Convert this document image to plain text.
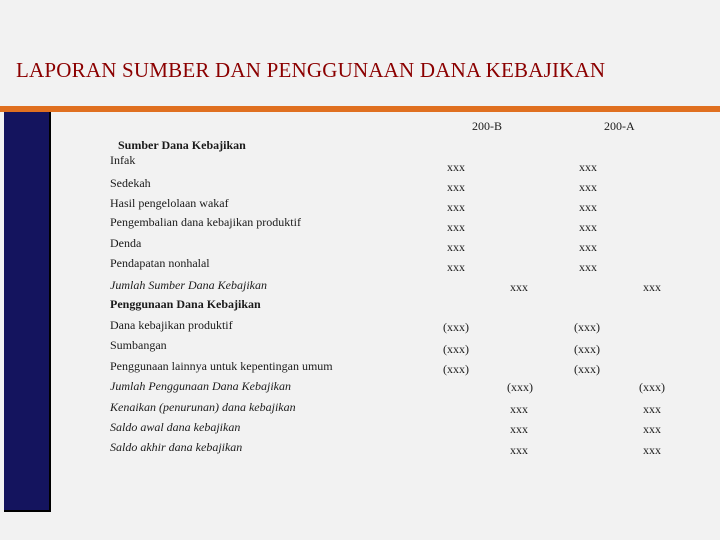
LAPORAN SUMBER DAN PENGGUNAAN DANA KEBAJIKAN
200-B	200-A
Sumber Dana Kebajikan
Infak	xxx	xxx
Sedekah	xxx	xxx
Hasil pengelolaan wakaf	xxx	xxx
Pengembalian dana kebajikan produktif	xxx	xxx
Denda	xxx	xxx
Pendapatan nonhalal	xxx	xxx
Jumlah Sumber Dana Kebajikan	xxx	xxx
Penggunaan Dana Kebajikan
Dana kebajikan produktif	(xxx)	(xxx)
Sumbangan	(xxx)	(xxx)
Penggunaan lainnya untuk kepentingan umum	(xxx)	(xxx)
Jumlah Penggunaan Dana Kebajikan	(xxx)	(xxx)
Kenaikan (penurunan) dana kebajikan	xxx	xxx
Saldo awal dana kebajikan	xxx	xxx
Saldo akhir dana kebajikan	xxx	xxx
